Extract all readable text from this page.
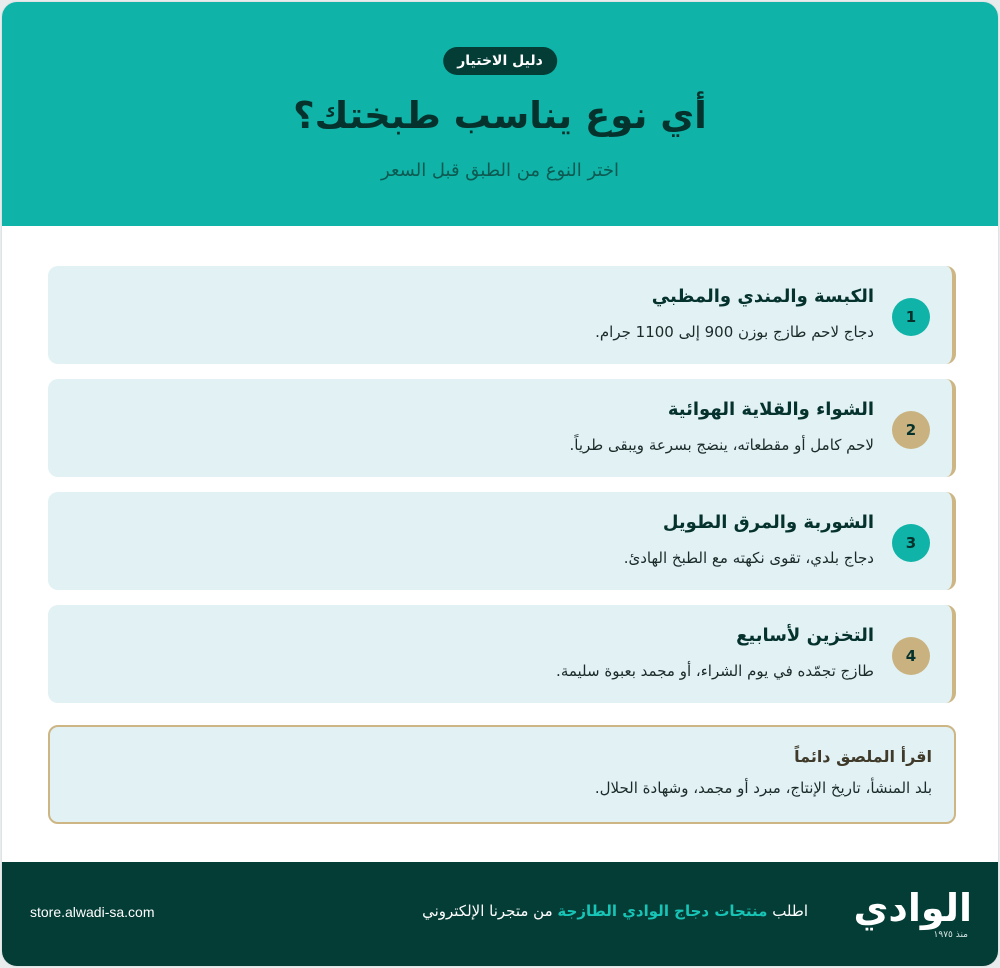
دليل الاختيار
أي نوع يناسب طبختك؟
اختر النوع من الطبق قبل السعر
1
الكبسة والمندي والمظبي
دجاج لاحم طازج بوزن 900 إلى 1100 جرام.
2
الشواء والقلاية الهوائية
لاحم كامل أو مقطعاته، ينضج بسرعة ويبقى طرياً.
3
الشوربة والمرق الطويل
دجاج بلدي، تقوى نكهته مع الطبخ الهادئ.
4
التخزين لأسابيع
طازج تجمّده في يوم الشراء، أو مجمد بعبوة سليمة.
اقرأ الملصق دائماً
بلد المنشأ، تاريخ الإنتاج، مبرد أو مجمد، وشهادة الحلال.
الوادي
منذ ١٩٧٥
اطلب منتجات دجاج الوادي الطازجة من متجرنا الإلكتروني
store.alwadi-sa.com
